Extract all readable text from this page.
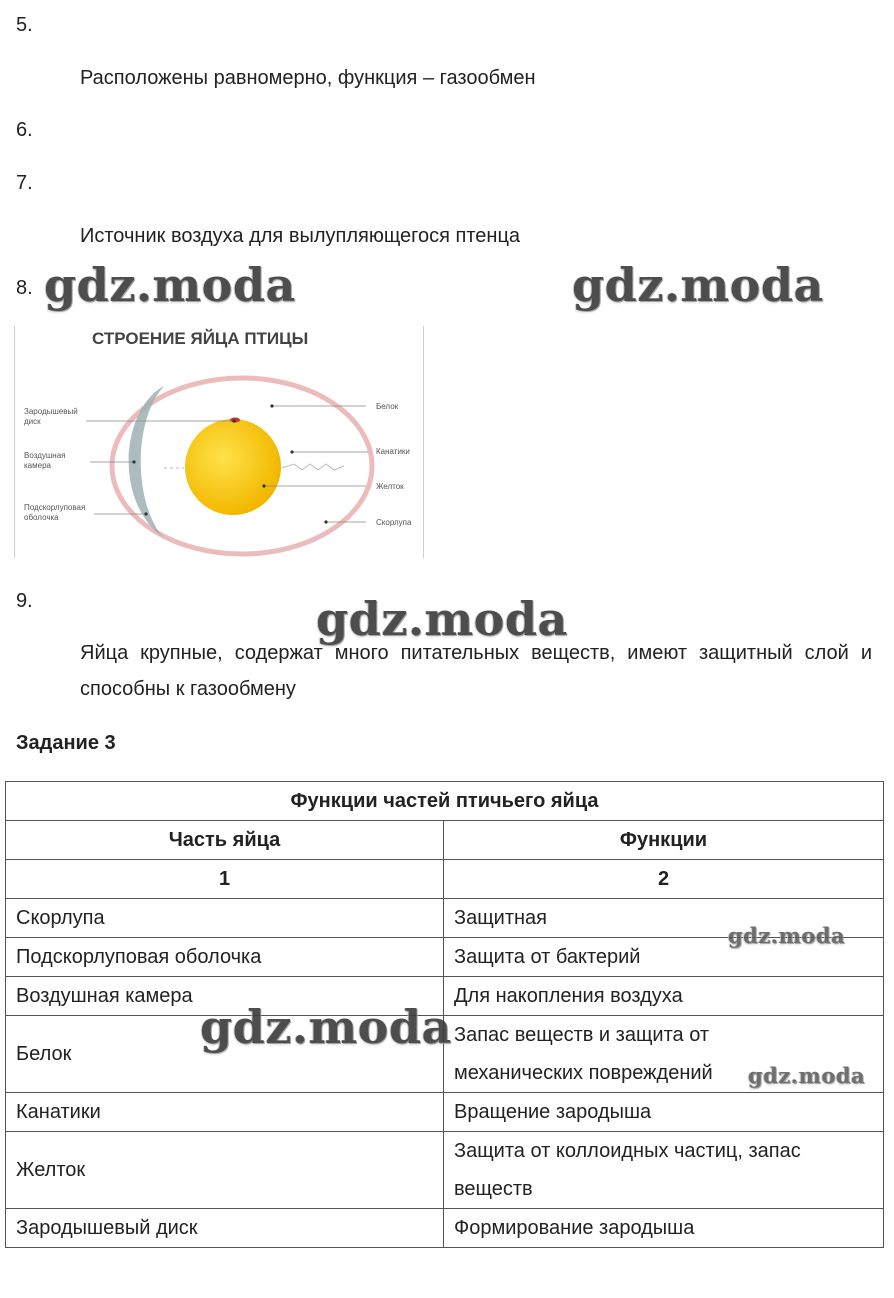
5.
Расположены равномерно, функция – газообмен
6.
7.
Источник воздуха для вылупляющегося птенца
8. gdz.moda	gdz.moda
СТРОЕНИЕ ЯЙЦА ПТИЦЫ
Зародышевый
диск
Воздушная
камера
Подскорлуповая
оболочка
Белок
Канатики
Желток
Скорлупа
9.	gdz.moda
Яйца крупные, содержат много питательных веществ, имеют защитный слой и способны к газообмену
Задание 3
Функции частей птичьего яйца	
Часть яйца	Функции
1	2
Скорлупа	Защитная
Подскорлуповая оболочка	Защита от бактерий
Воздушная камера	Для накопления воздуха
Белок	Запас веществ и защита от механических повреждений
Канатики	Вращение зародыша
Желток	Защита от коллоидных частиц, запас веществ
Зародышевый диск	Формирование зародыша
gdz.moda
gdz.moda
gdz.moda
